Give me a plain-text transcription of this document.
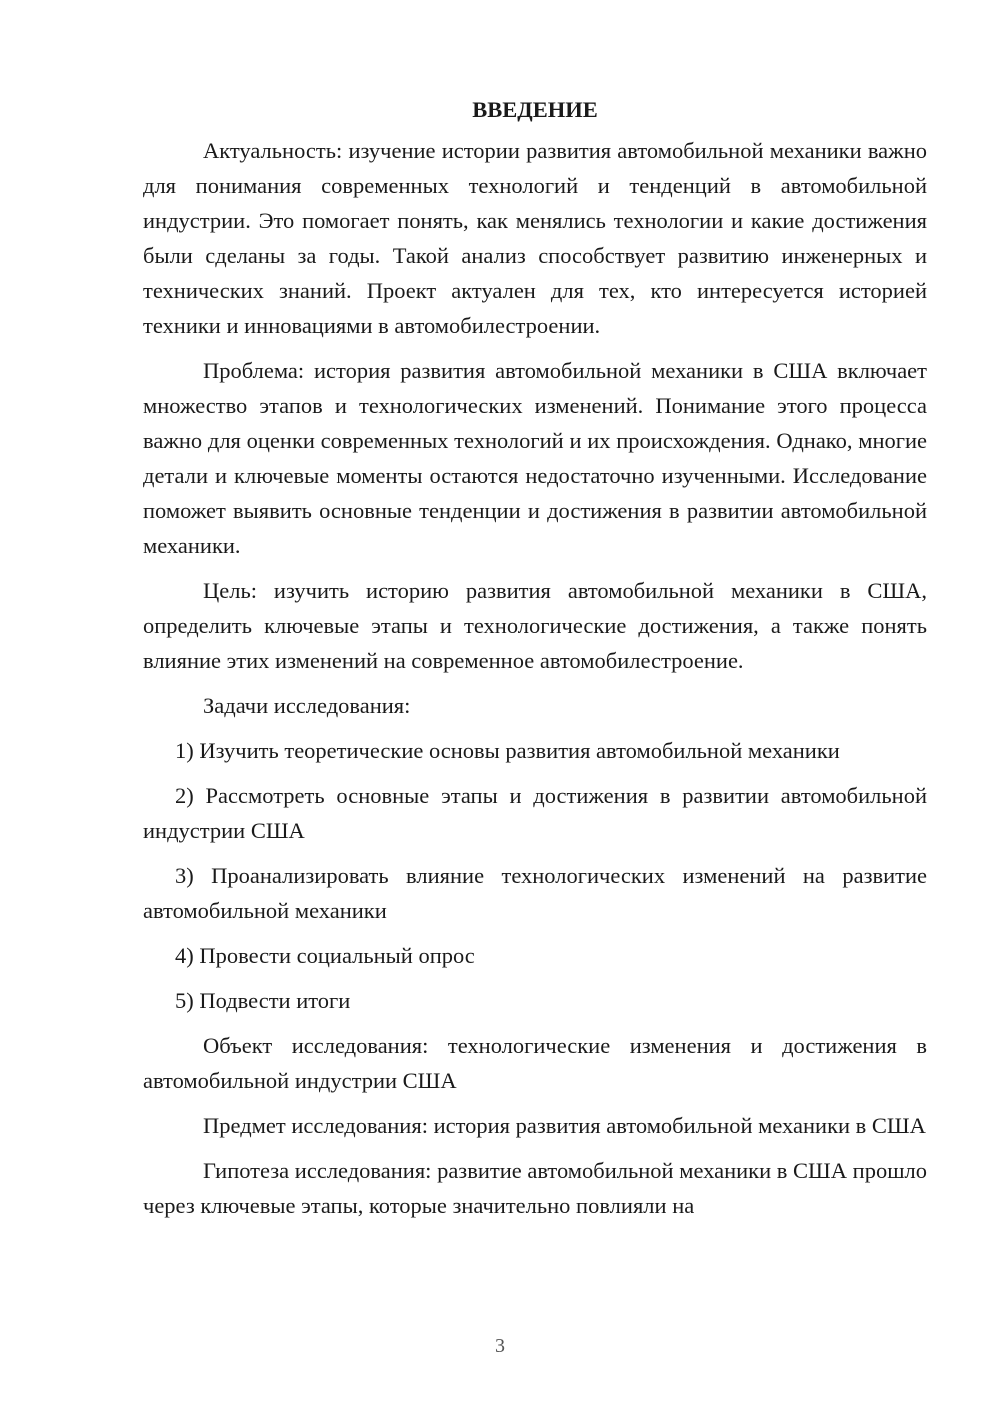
ВВЕДЕНИЕ

Актуальность: изучение истории развития автомобильной механики важно для понимания современных технологий и тенденций в автомобильной индустрии. Это помогает понять, как менялись технологии и какие достижения были сделаны за годы. Такой анализ способствует развитию инженерных и технических знаний. Проект актуален для тех, кто интересуется историей техники и инновациями в автомобилестроении.

Проблема: история развития автомобильной механики в США включает множество этапов и технологических изменений. Понимание этого процесса важно для оценки современных технологий и их происхождения. Однако, многие детали и ключевые моменты остаются недостаточно изученными. Исследование поможет выявить основные тенденции и достижения в развитии автомобильной механики.

Цель: изучить историю развития автомобильной механики в США, определить ключевые этапы и технологические достижения, а также понять влияние этих изменений на современное автомобилестроение.

Задачи исследования:

1) Изучить теоретические основы развития автомобильной механики

2) Рассмотреть основные этапы и достижения в развитии автомобильной индустрии США

3) Проанализировать влияние технологических изменений на развитие автомобильной механики

4) Провести социальный опрос

5) Подвести итоги

Объект исследования: технологические изменения и достижения в автомобильной индустрии США

Предмет исследования: история развития автомобильной механики в США

Гипотеза исследования: развитие автомобильной механики в США прошло через ключевые этапы, которые значительно повлияли на

3
